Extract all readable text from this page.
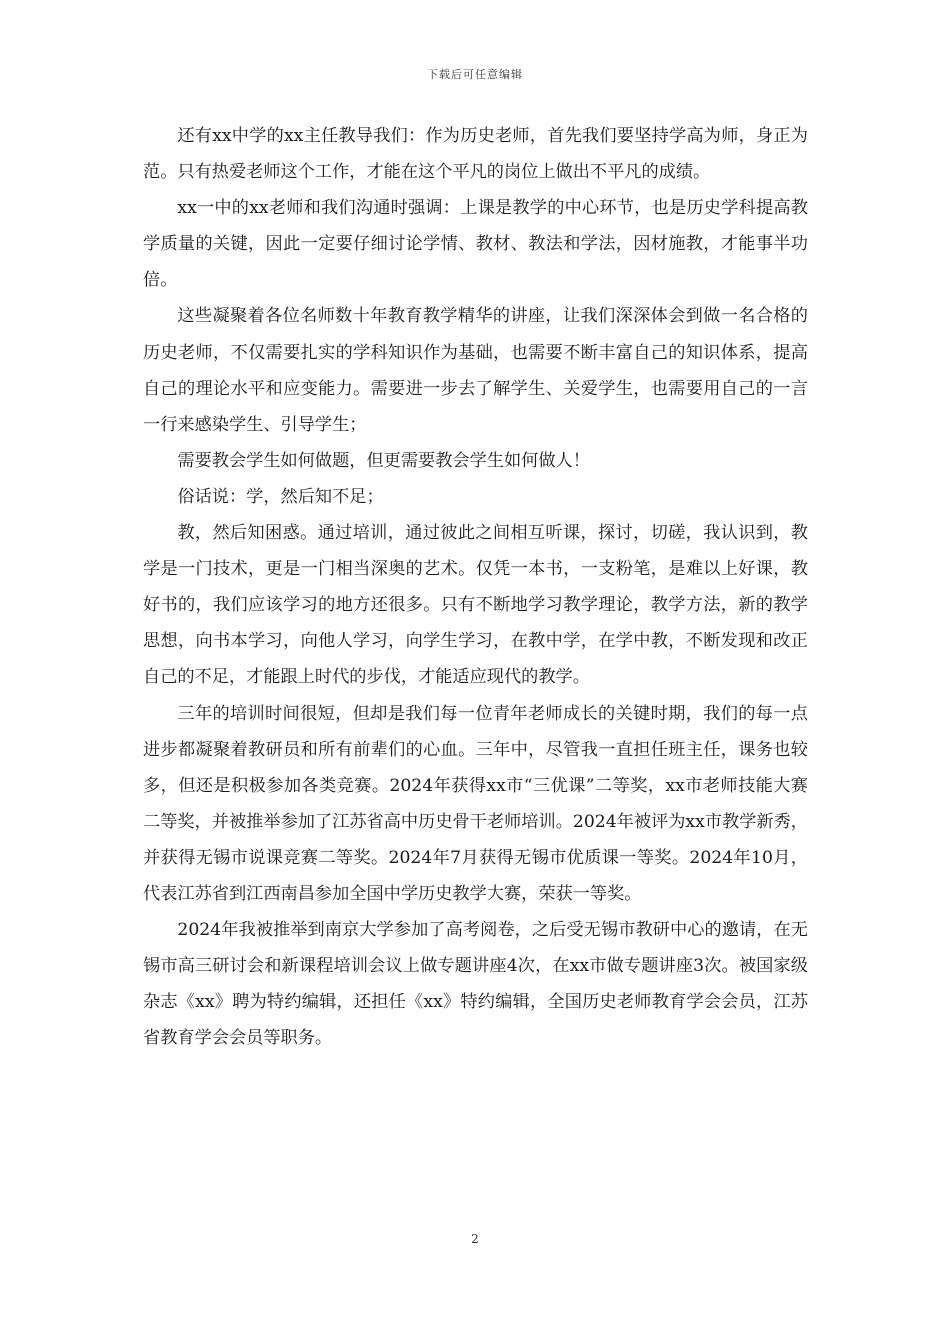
下载后可任意编辑

还有xx中学的xx主任教导我们：作为历史老师，首先我们要坚持学高为师，身正为范。只有热爱老师这个工作，才能在这个平凡的岗位上做出不平凡的成绩。

xx一中的xx老师和我们沟通时强调：上课是教学的中心环节，也是历史学科提高教学质量的关键，因此一定要仔细讨论学情、教材、教法和学法，因材施教，才能事半功倍。

这些凝聚着各位名师数十年教育教学精华的讲座，让我们深深体会到做一名合格的历史老师，不仅需要扎实的学科知识作为基础，也需要不断丰富自己的知识体系，提高自己的理论水平和应变能力。需要进一步去了解学生、关爱学生，也需要用自己的一言一行来感染学生、引导学生；

需要教会学生如何做题，但更需要教会学生如何做人！

俗话说：学，然后知不足；

教，然后知困惑。通过培训，通过彼此之间相互听课，探讨，切磋，我认识到，教学是一门技术，更是一门相当深奥的艺术。仅凭一本书，一支粉笔，是难以上好课，教好书的，我们应该学习的地方还很多。只有不断地学习教学理论，教学方法，新的教学思想，向书本学习，向他人学习，向学生学习，在教中学，在学中教，不断发现和改正自己的不足，才能跟上时代的步伐，才能适应现代的教学。

三年的培训时间很短，但却是我们每一位青年老师成长的关键时期，我们的每一点进步都凝聚着教研员和所有前辈们的心血。三年中，尽管我一直担任班主任，课务也较多，但还是积极参加各类竞赛。2024年获得xx市“三优课”二等奖，xx市老师技能大赛二等奖，并被推举参加了江苏省高中历史骨干老师培训。2024年被评为xx市教学新秀，并获得无锡市说课竞赛二等奖。2024年7月获得无锡市优质课一等奖。2024年10月，代表江苏省到江西南昌参加全国中学历史教学大赛，荣获一等奖。

2024年我被推举到南京大学参加了高考阅卷，之后受无锡市教研中心的邀请，在无锡市高三研讨会和新课程培训会议上做专题讲座4次，在xx市做专题讲座3次。被国家级杂志《xx》聘为特约编辑，还担任《xx》特约编辑，全国历史老师教育学会会员，江苏省教育学会会员等职务。

2
